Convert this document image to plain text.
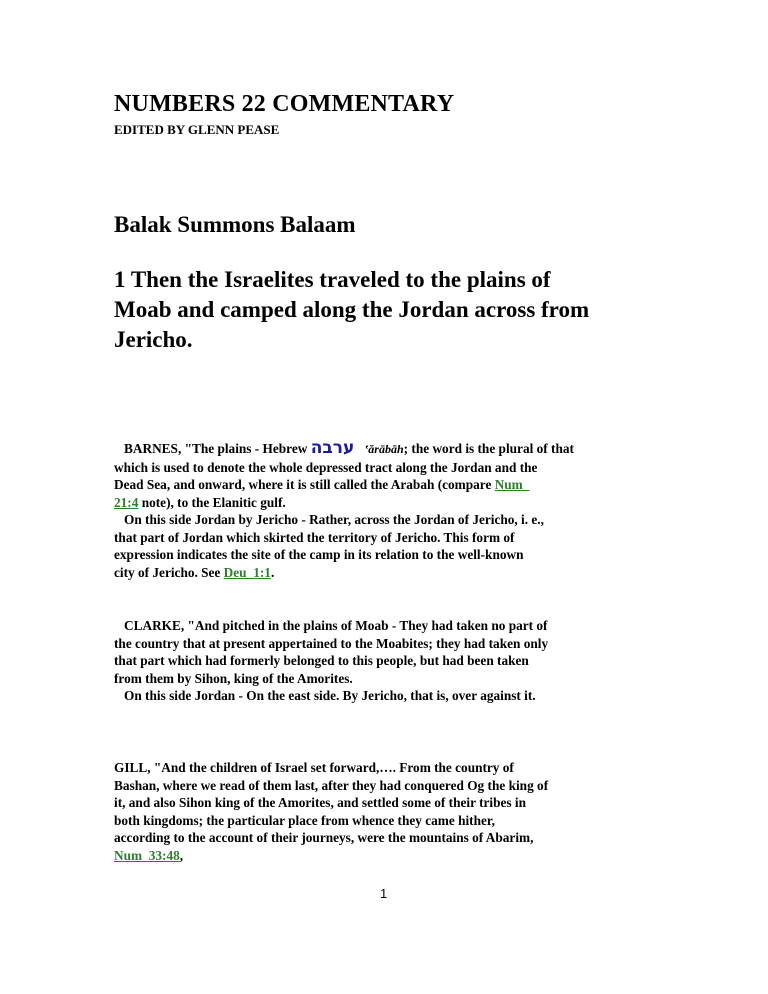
NUMBERS 22 COMMENTARY

EDITED BY GLENN PEASE

Balak Summons Balaam
1 Then the Israelites traveled to the plains of
Moab and camped along the Jordan across from
Jericho.
BARNES, "The plains - Hebrew ערבה ‛ărābāh; the word is the plural of that
which is used to denote the whole depressed tract along the Jordan and the
Dead Sea, and onward, where it is still called the Arabah (compare Num_
21:4 note), to the Elanitic gulf.
On this side Jordan by Jericho - Rather, across the Jordan of Jericho, i. e.,
that part of Jordan which skirted the territory of Jericho. This form of
expression indicates the site of the camp in its relation to the well-known
city of Jericho. See Deu_1:1.
CLARKE, "And pitched in the plains of Moab - They had taken no part of
the country that at present appertained to the Moabites; they had taken only
that part which had formerly belonged to this people, but had been taken
from them by Sihon, king of the Amorites.
On this side Jordan - On the east side. By Jericho, that is, over against it.
GILL, "And the children of Israel set forward,…. From the country of
Bashan, where we read of them last, after they had conquered Og the king of
it, and also Sihon king of the Amorites, and settled some of their tribes in
both kingdoms; the particular place from whence they came hither,
according to the account of their journeys, were the mountains of Abarim,
Num_33:48,

1
